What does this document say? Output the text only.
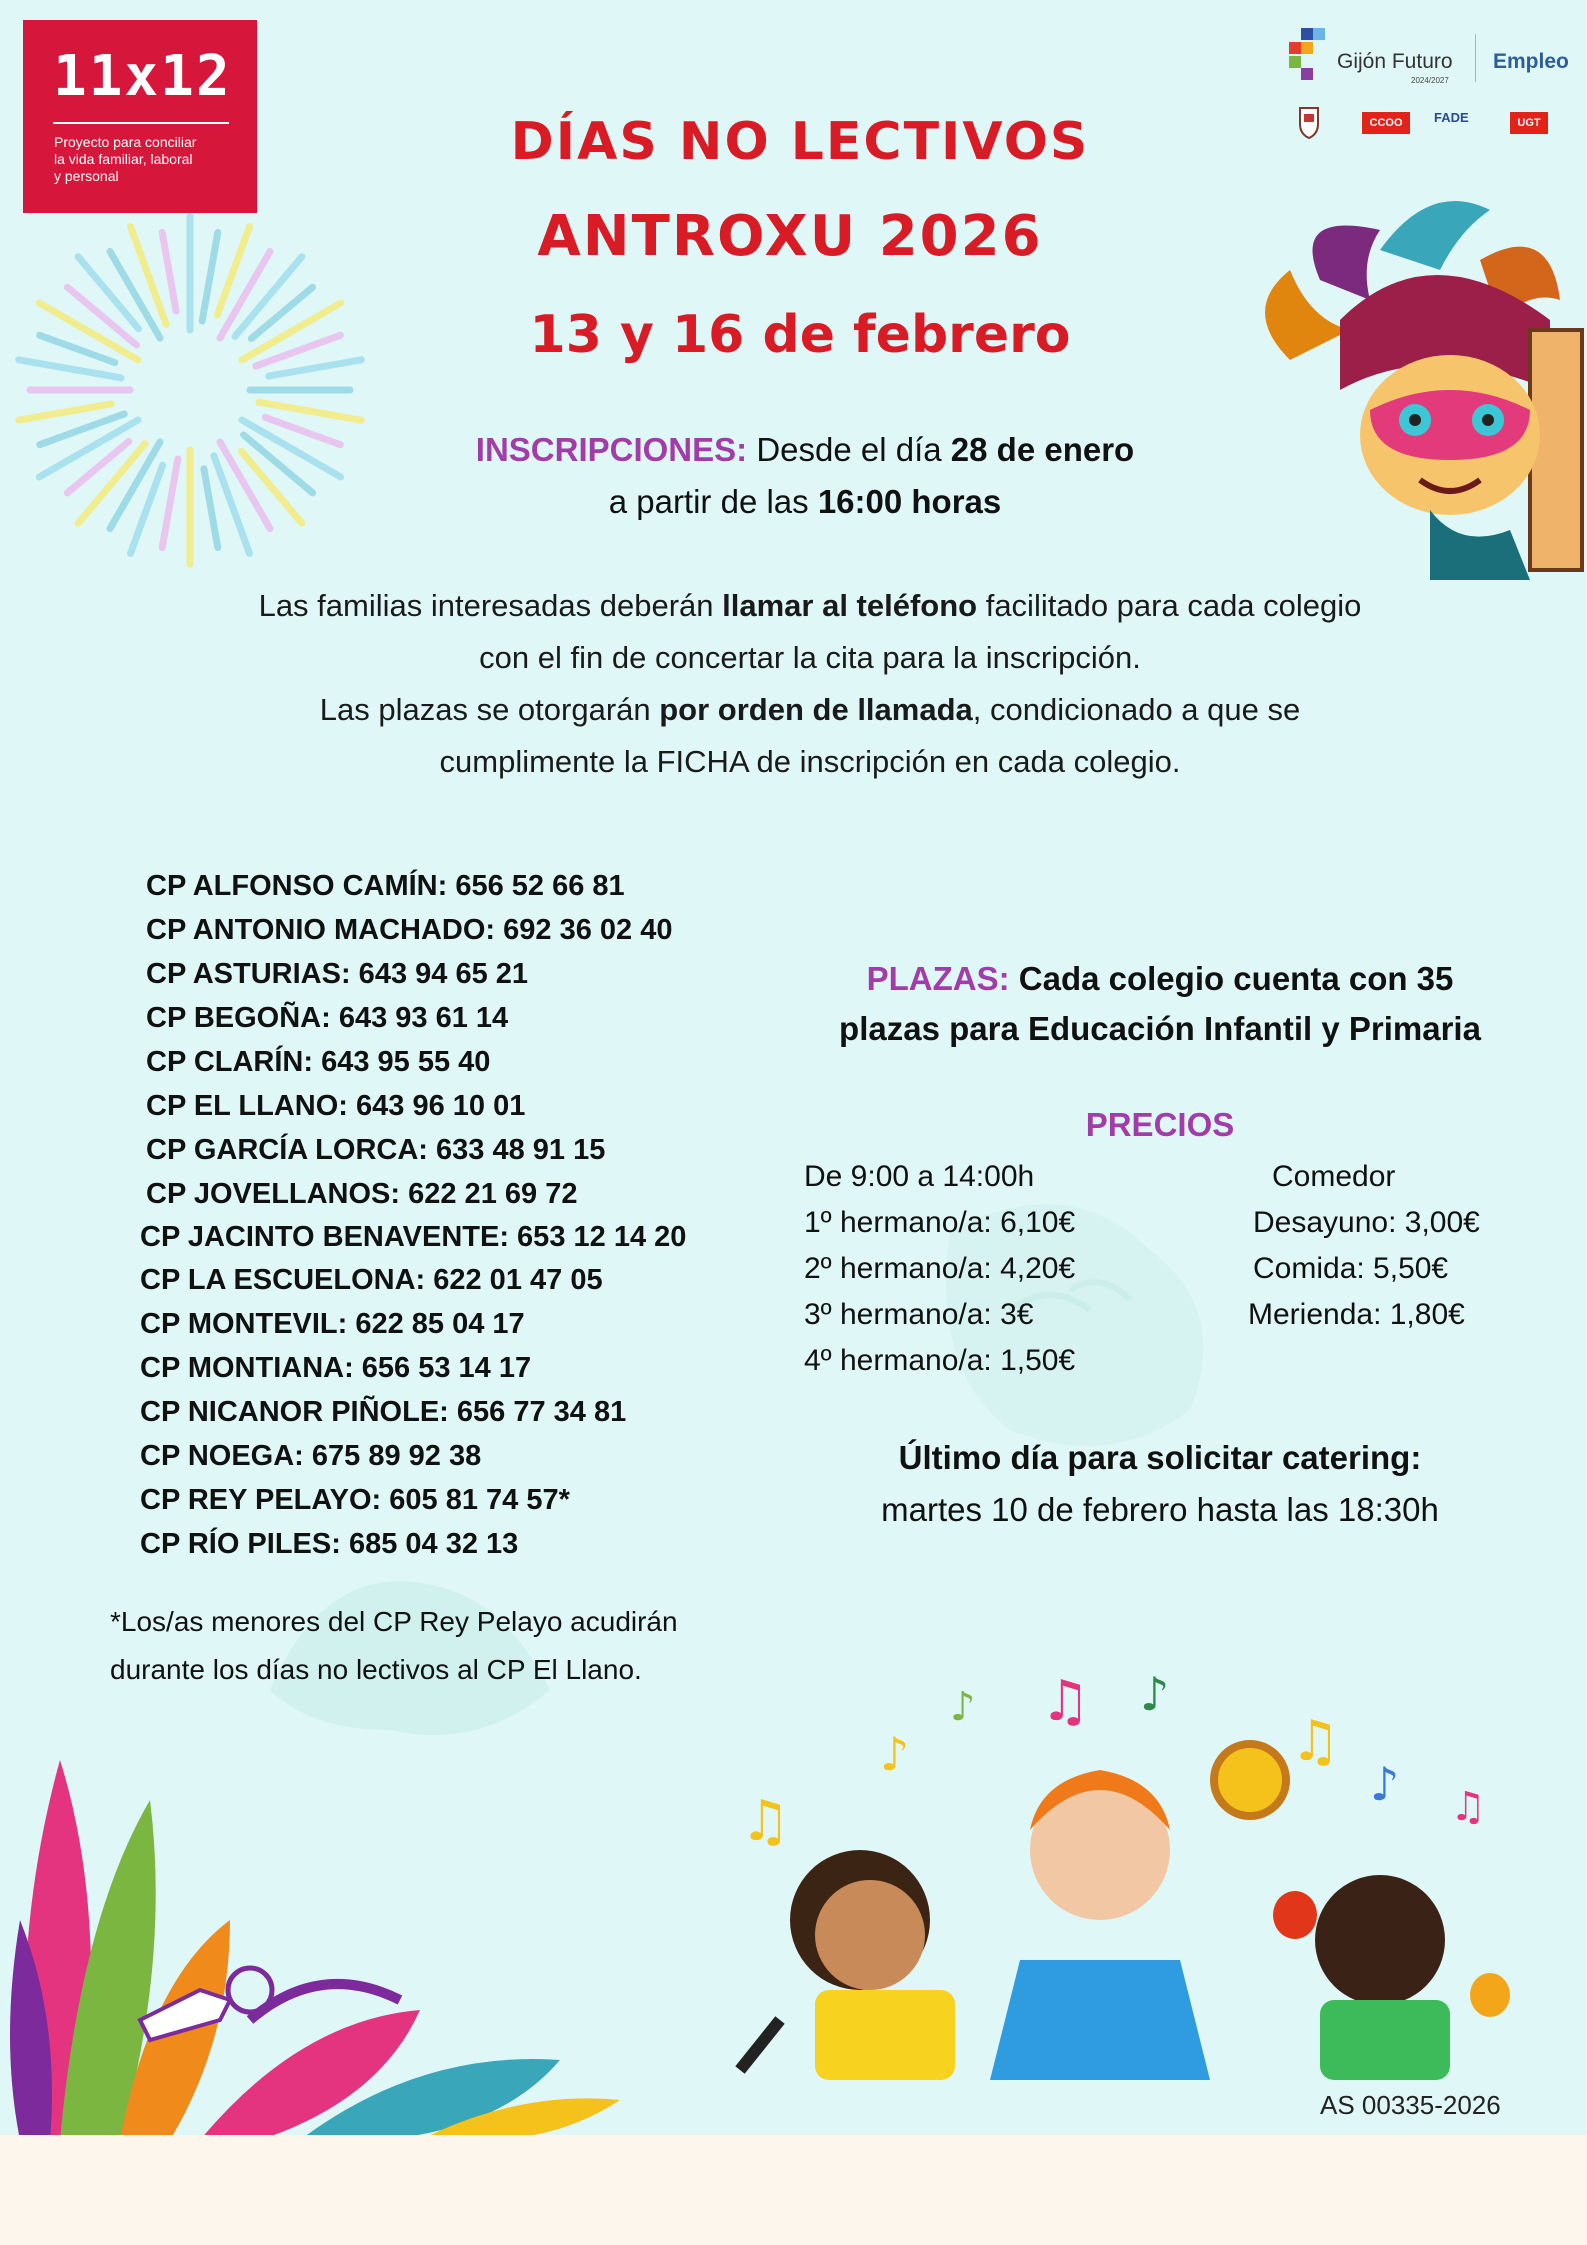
11x12
Proyecto para conciliar
la vida familiar, laboral
y personal
Gijón Futuro
2024/2027
Empleo
CCOO	FADE	UGT
DÍAS NO LECTIVOS
ANTROXU 2026
13 y 16 de febrero
INSCRIPCIONES: Desde el día 28 de enero
a partir de las 16:00 horas
Las familias interesadas deberán llamar al teléfono facilitado para cada colegio
con el fin de concertar la cita para la inscripción.
Las plazas se otorgarán por orden de llamada, condicionado a que se
cumplimente la FICHA de inscripción en cada colegio.
CP ALFONSO CAMÍN: 656 52 66 81
CP ANTONIO MACHADO: 692 36 02 40
CP ASTURIAS: 643 94 65 21
CP BEGOÑA: 643 93 61 14
CP CLARÍN: 643 95 55 40
CP EL LLANO: 643 96 10 01
CP GARCÍA LORCA: 633 48 91 15
CP JOVELLANOS: 622 21 69 72
CP JACINTO BENAVENTE: 653 12 14 20
CP LA ESCUELONA: 622 01 47 05
CP MONTEVIL: 622 85 04 17
CP MONTIANA: 656 53 14 17
CP NICANOR PIÑOLE: 656 77 34 81
CP NOEGA: 675 89 92 38
CP REY PELAYO: 605 81 74 57*
CP RÍO PILES: 685 04 32 13
*Los/as menores del CP Rey Pelayo acudirán
durante los días no lectivos al CP El Llano.
PLAZAS: Cada colegio cuenta con 35
plazas para Educación Infantil y Primaria
PRECIOS
De 9:00 a 14:00h
1º hermano/a: 6,10€
2º hermano/a: 4,20€
3º hermano/a: 3€
4º hermano/a: 1,50€
Comedor
Desayuno: 3,00€
Comida: 5,50€
Merienda: 1,80€
Último día para solicitar catering:
martes 10 de febrero hasta las 18:30h
♫
♪
♪ ♫ ♪
♫
♪ ♫
AS 00335-2026
